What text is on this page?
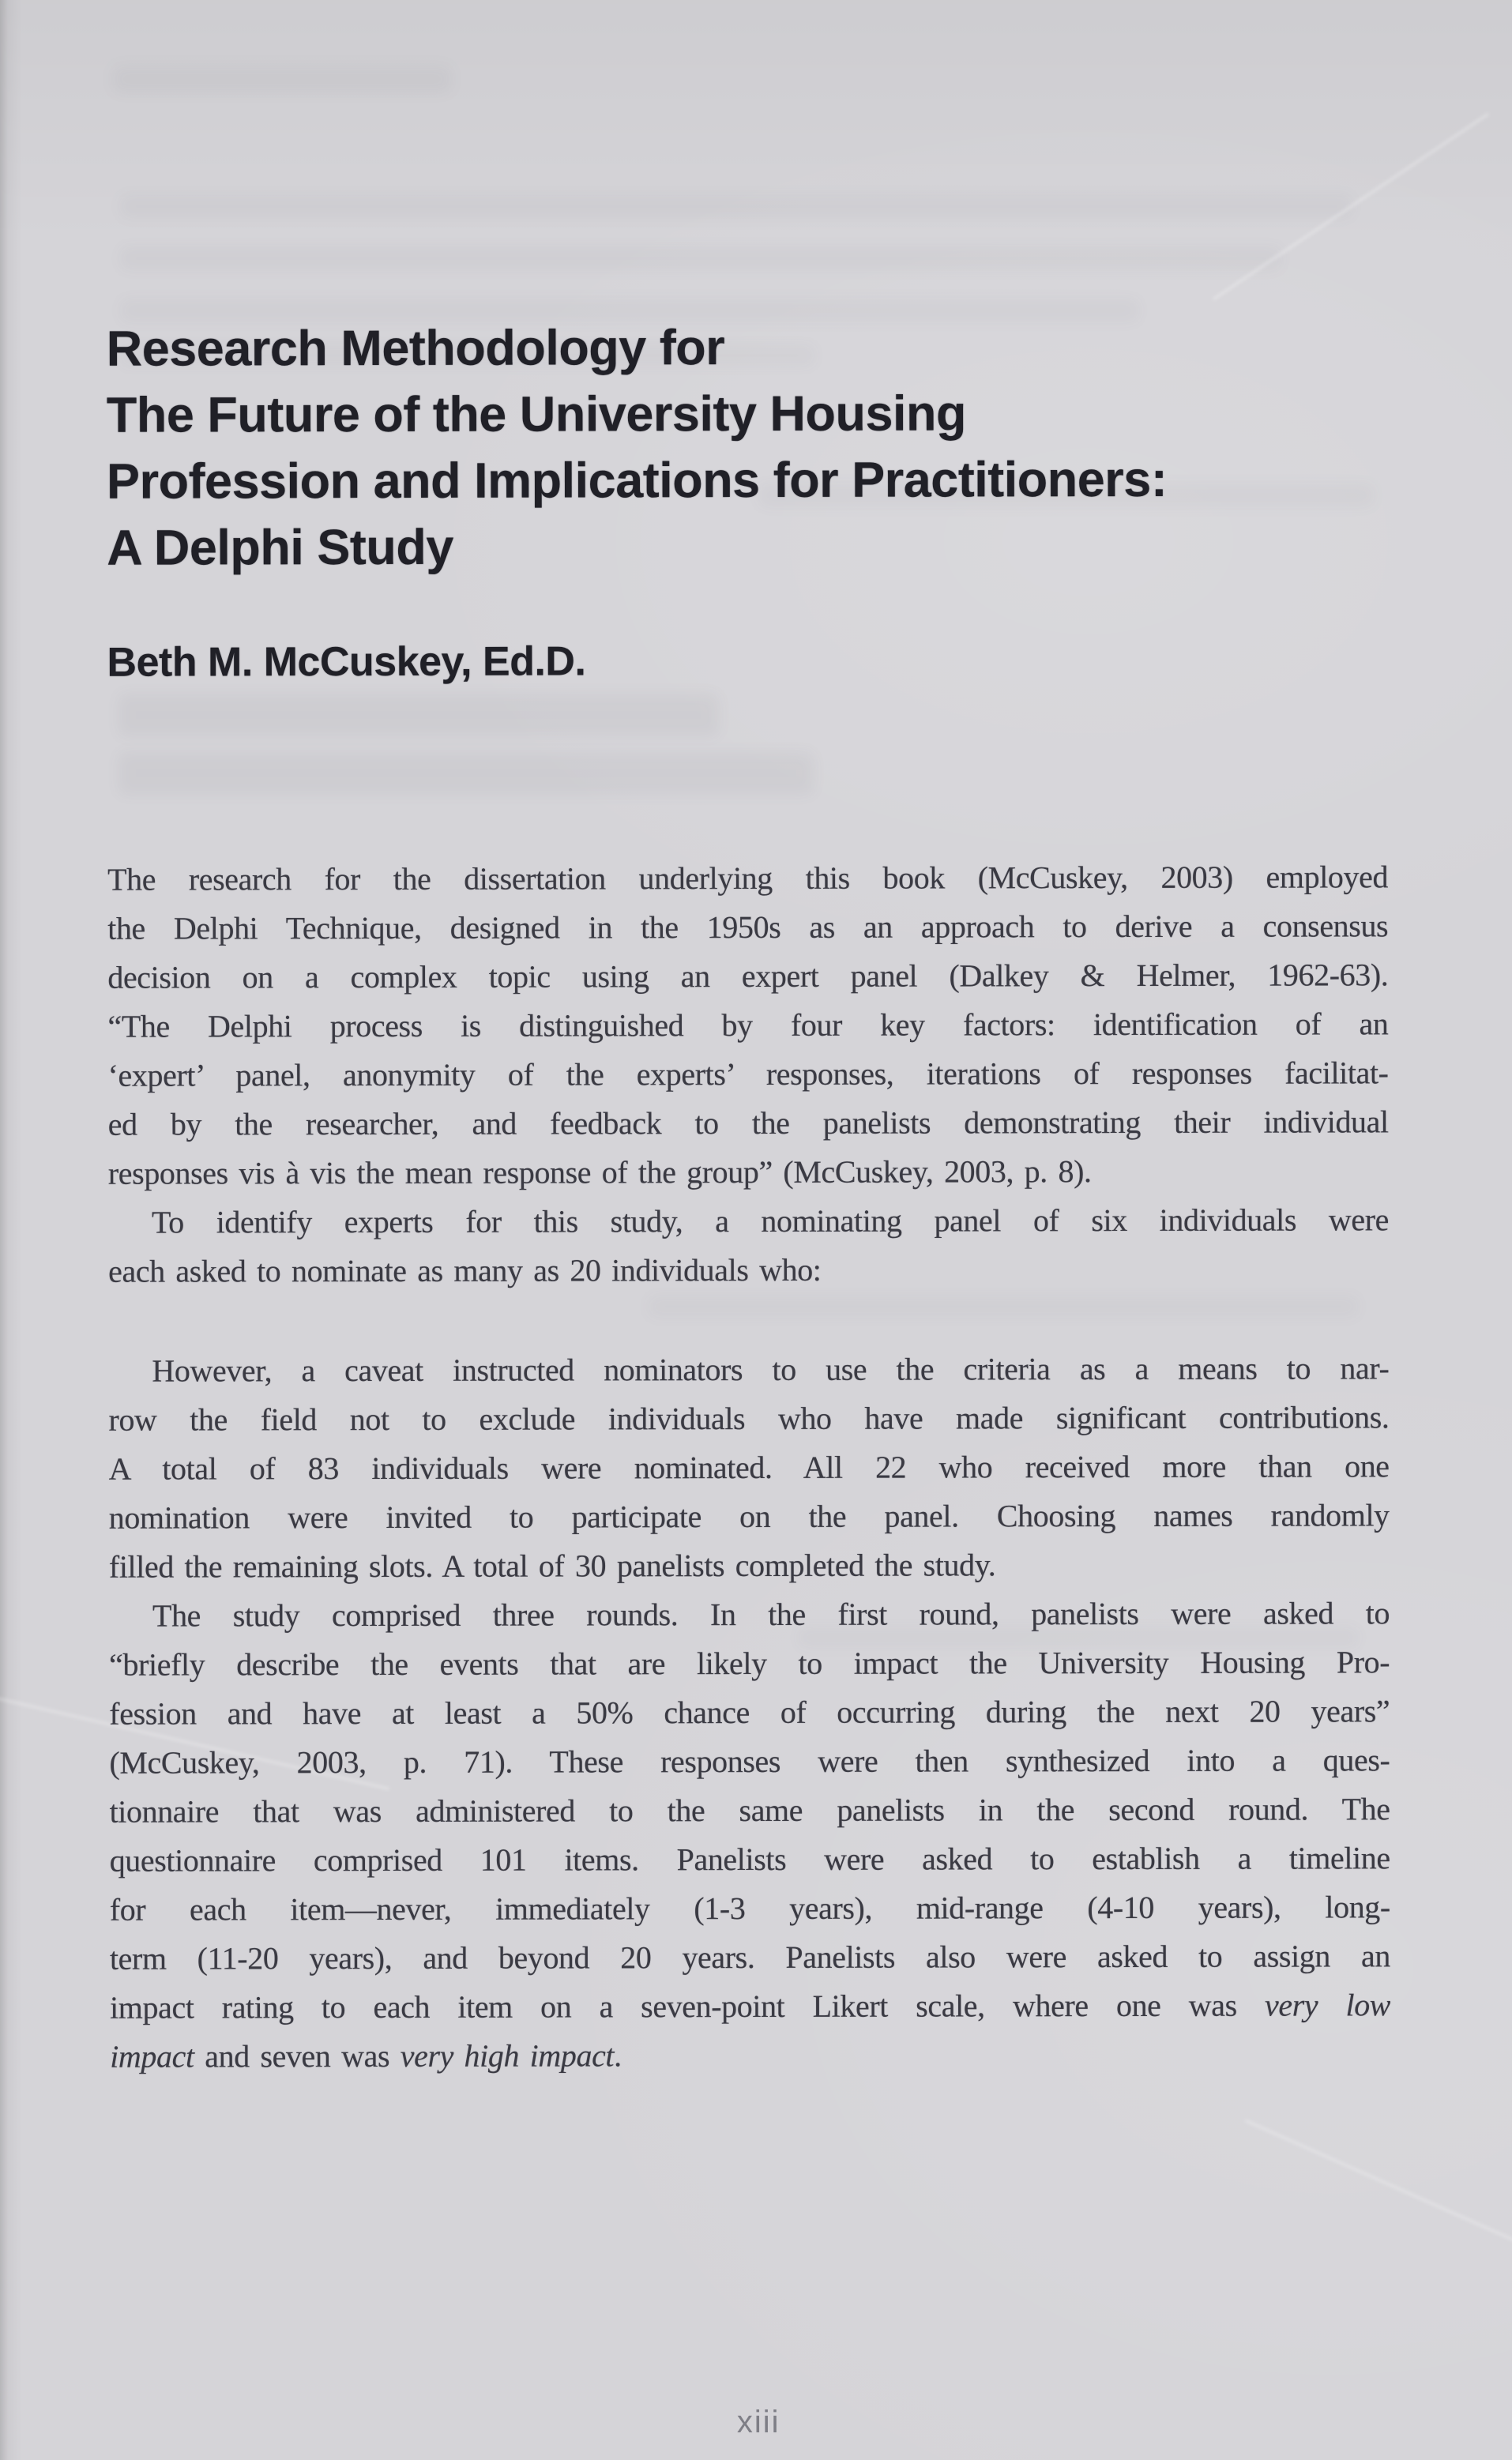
Research Methodology for
The Future of the University Housing
Profession and Implications for Practitioners:
A Delphi Study
Beth M. McCuskey, Ed.D.
The research for the dissertation underlying this book (McCuskey, 2003) employed
the Delphi Technique, designed in the 1950s as an approach to derive a consensus
decision on a complex topic using an expert panel (Dalkey & Helmer, 1962-63).
“The Delphi process is distinguished by four key factors: identification of an
‘expert’ panel, anonymity of the experts’ responses, iterations of responses facilitat-
ed by the researcher, and feedback to the panelists demonstrating their individual
responses vis à vis the mean response of the group” (McCuskey, 2003, p. 8).
To identify experts for this study, a nominating panel of six individuals were
each asked to nominate as many as 20 individuals who:
However, a caveat instructed nominators to use the criteria as a means to nar-
row the field not to exclude individuals who have made significant contributions.
A total of 83 individuals were nominated. All 22 who received more than one
nomination were invited to participate on the panel. Choosing names randomly
filled the remaining slots. A total of 30 panelists completed the study.
The study comprised three rounds. In the first round, panelists were asked to
“briefly describe the events that are likely to impact the University Housing Pro-
fession and have at least a 50% chance of occurring during the next 20 years”
(McCuskey, 2003, p. 71). These responses were then synthesized into a ques-
tionnaire that was administered to the same panelists in the second round. The
questionnaire comprised 101 items. Panelists were asked to establish a timeline
for each item—never, immediately (1-3 years), mid-range (4-10 years), long-
term (11-20 years), and beyond 20 years. Panelists also were asked to assign an
impact rating to each item on a seven-point Likert scale, where one was very low
impact and seven was very high impact.
xiii
